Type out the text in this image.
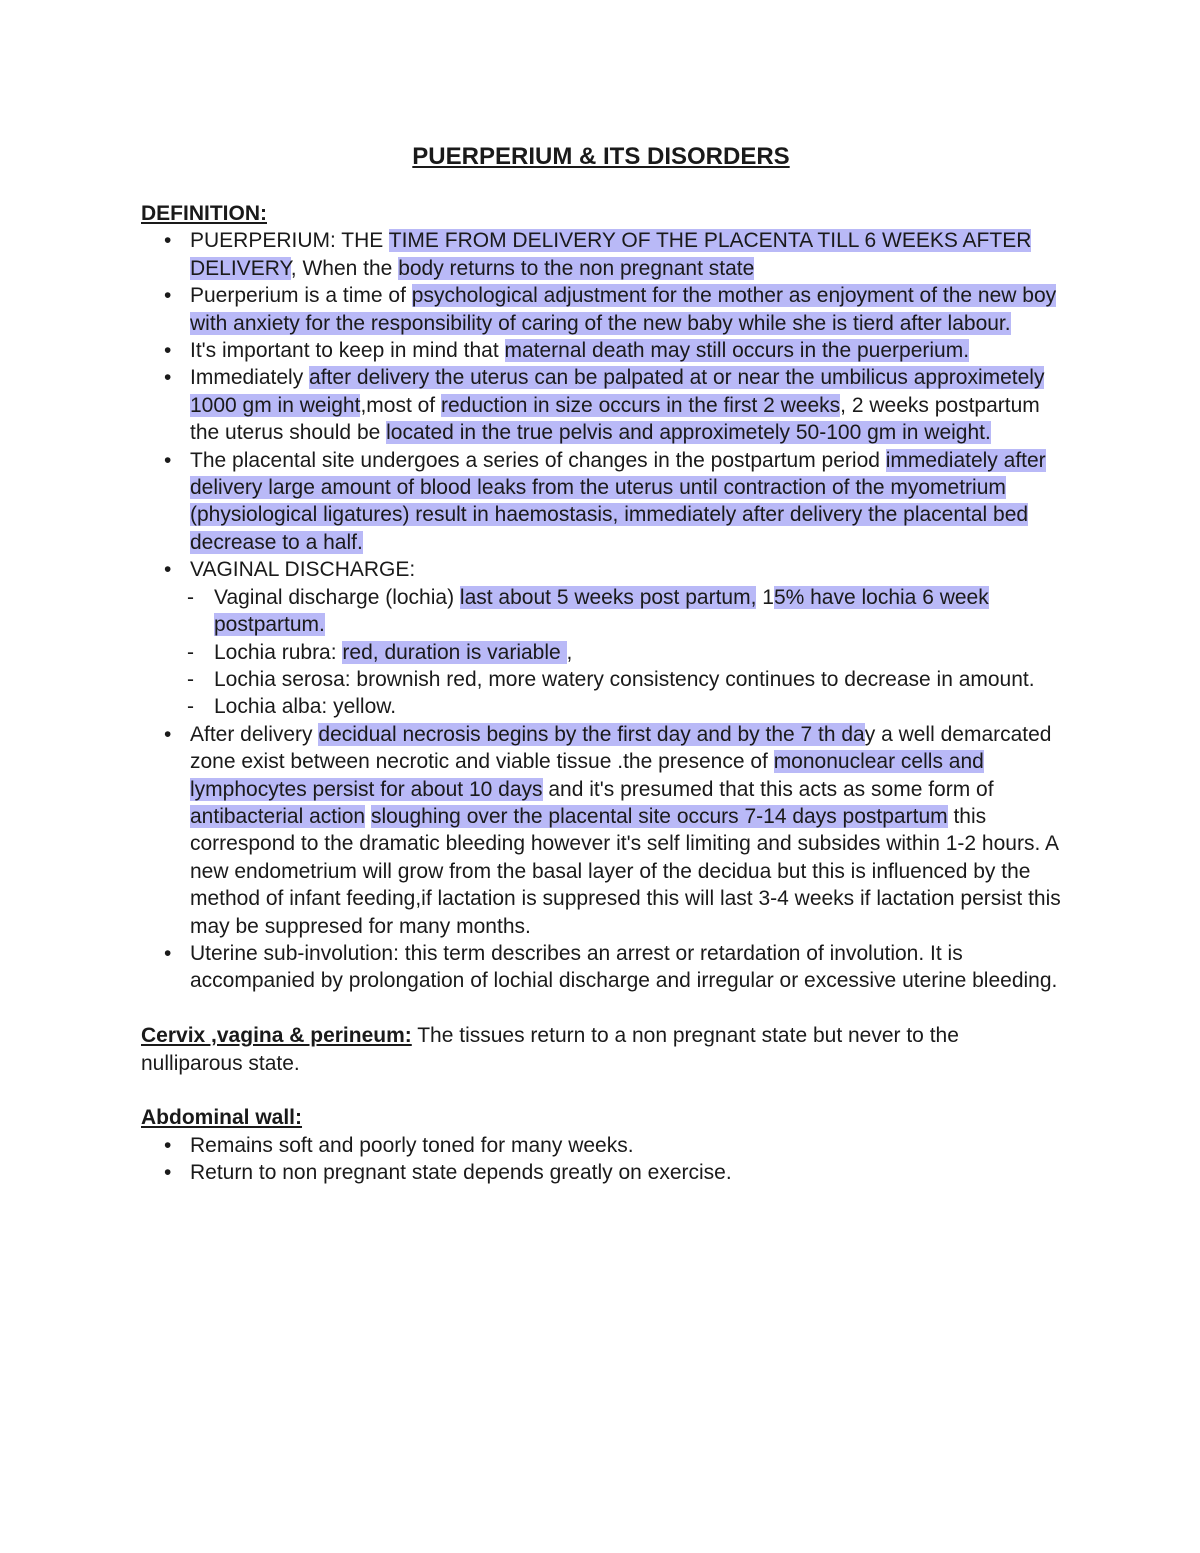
PUERPERIUM & ITS DISORDERS

DEFINITION:

• PUERPERIUM: THE TIME FROM DELIVERY OF THE PLACENTA TILL 6 WEEKS AFTER DELIVERY, When the body returns to the non pregnant state
• Puerperium is a time of psychological adjustment for the mother as enjoyment of the new boy with anxiety for the responsibility of caring of the new baby while she is tierd after labour.
• It's important to keep in mind that maternal death may still occurs in the puerperium.
• Immediately after delivery the uterus can be palpated at or near the umbilicus approximetely 1000 gm in weight,most of reduction in size occurs in the first 2 weeks, 2 weeks postpartum the uterus should be located in the true pelvis and approximetely 50-100 gm in weight.
• The placental site undergoes a series of changes in the postpartum period immediately after delivery large amount of blood leaks from the uterus until contraction of the myometrium (physiological ligatures) result in haemostasis, immediately after delivery the placental bed decrease to a half.
• VAGINAL DISCHARGE:
- Vaginal discharge (lochia) last about 5 weeks post partum, 15% have lochia 6 week postpartum.
- Lochia rubra: red, duration is variable ,
- Lochia serosa: brownish red, more watery consistency continues to decrease in amount.
- Lochia alba: yellow.
• After delivery decidual necrosis begins by the first day and by the 7 th day a well demarcated zone exist between necrotic and viable tissue .the presence of mononuclear cells and lymphocytes persist for about 10 days and it's presumed that this acts as some form of antibacterial action sloughing over the placental site occurs 7-14 days postpartum this correspond to the dramatic bleeding however it's self limiting and subsides within 1-2 hours. A new endometrium will grow from the basal layer of the decidua but this is influenced by the method of infant feeding,if lactation is suppresed this will last 3-4 weeks if lactation persist this may be suppresed for many months.
• Uterine sub-involution: this term describes an arrest or retardation of involution. It is accompanied by prolongation of lochial discharge and irregular or excessive uterine bleeding.

Cervix ,vagina & perineum: The tissues return to a non pregnant state but never to the nulliparous state.

Abdominal wall:

• Remains soft and poorly toned for many weeks.
• Return to non pregnant state depends greatly on exercise.
